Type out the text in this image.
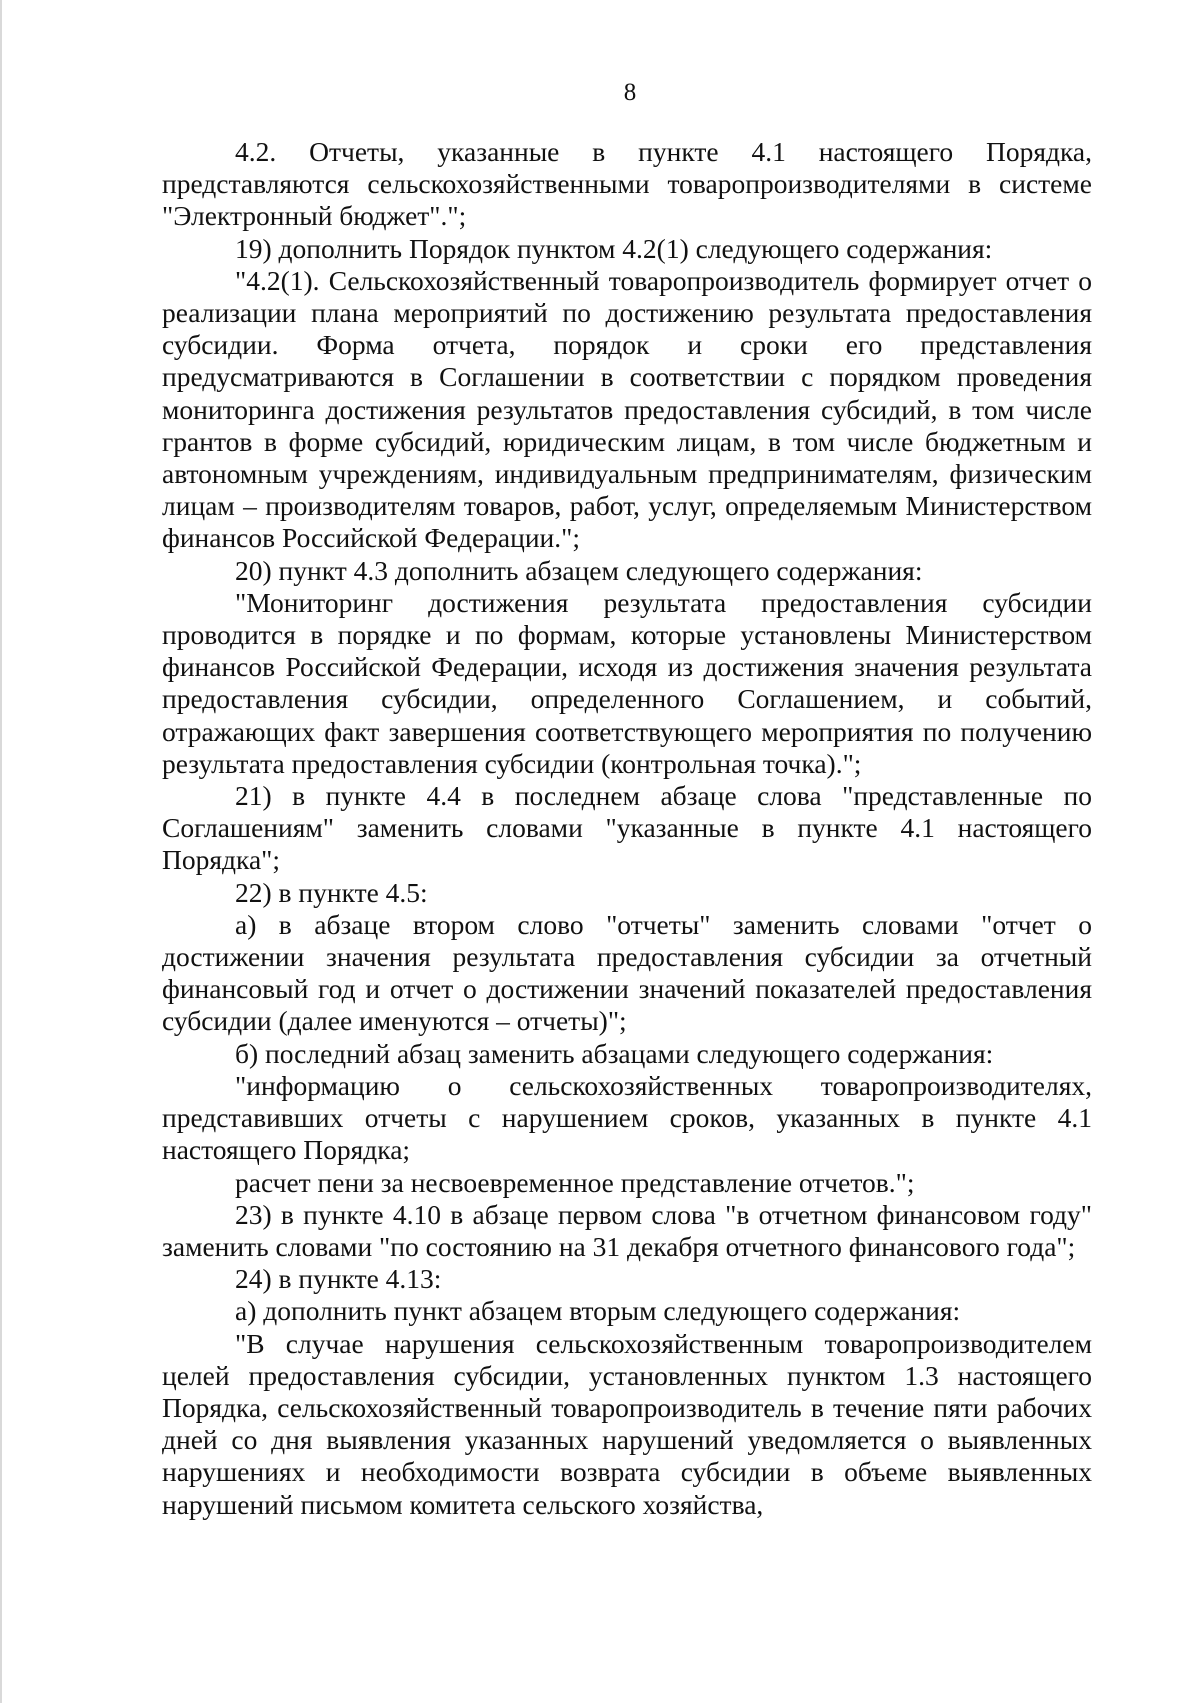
8

4.2. Отчеты, указанные в пункте 4.1 настоящего Порядка, представляются сельскохозяйственными товаропроизводителями в системе "Электронный бюджет".";

19) дополнить Порядок пунктом 4.2(1) следующего содержания:

"4.2(1). Сельскохозяйственный товаропроизводитель формирует отчет о реализации плана мероприятий по достижению результата предоставления субсидии. Форма отчета, порядок и сроки его представления предусматриваются в Соглашении в соответствии с порядком проведения мониторинга достижения результатов предоставления субсидий, в том числе грантов в форме субсидий, юридическим лицам, в том числе бюджетным и автономным учреждениям, индивидуальным предпринимателям, физическим лицам – производителям товаров, работ, услуг, определяемым Министерством финансов Российской Федерации.";

20) пункт 4.3 дополнить абзацем следующего содержания:

"Мониторинг достижения результата предоставления субсидии проводится в порядке и по формам, которые установлены Министерством финансов Российской Федерации, исходя из достижения значения результата предоставления субсидии, определенного Соглашением, и событий, отражающих факт завершения соответствующего мероприятия по получению результата предоставления субсидии (контрольная точка).";

21) в пункте 4.4 в последнем абзаце слова "представленные по Соглашениям" заменить словами "указанные в пункте 4.1 настоящего Порядка";

22) в пункте 4.5:

а) в абзаце втором слово "отчеты" заменить словами "отчет о достижении значения результата предоставления субсидии за отчетный финансовый год и отчет о достижении значений показателей предоставления субсидии (далее именуются – отчеты)";

б) последний абзац заменить абзацами следующего содержания:

"информацию о сельскохозяйственных товаропроизводителях, представивших отчеты с нарушением сроков, указанных в пункте 4.1 настоящего Порядка;

расчет пени за несвоевременное представление отчетов.";

23) в пункте 4.10 в абзаце первом слова "в отчетном финансовом году" заменить словами "по состоянию на 31 декабря отчетного финансового года";

24) в пункте 4.13:

а) дополнить пункт абзацем вторым следующего содержания:

"В случае нарушения сельскохозяйственным товаропроизводителем целей предоставления субсидии, установленных пунктом 1.3 настоящего Порядка, сельскохозяйственный товаропроизводитель в течение пяти рабочих дней со дня выявления указанных нарушений уведомляется о выявленных нарушениях и необходимости возврата субсидии в объеме выявленных нарушений письмом комитета сельского хозяйства,
